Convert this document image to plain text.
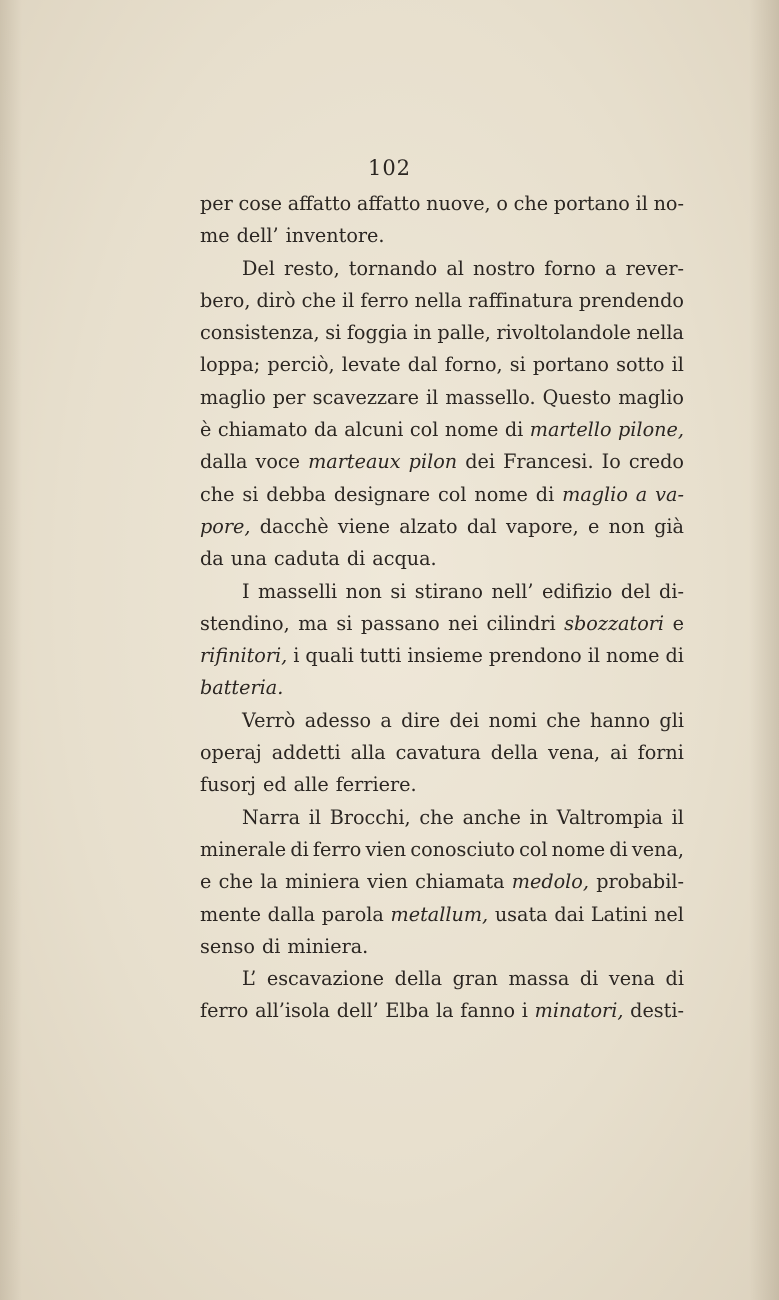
102
per cose affatto affatto nuove, o che portano il no-
me dell’ inventore.
Del resto, tornando al nostro forno a rever-
bero, dirò che il ferro nella raffinatura prendendo
consistenza, si foggia in palle, rivoltolandole nella
loppa; perciò, levate dal forno, si portano sotto il
maglio per scavezzare il massello. Questo maglio
è chiamato da alcuni col nome di martello pilone,
dalla voce marteaux pilon dei Francesi. Io credo
che si debba designare col nome di maglio a va-
pore, dacchè viene alzato dal vapore, e non già
da una caduta di acqua.
I masselli non si stirano nell’ edifizio del di-
stendino, ma si passano nei cilindri sbozzatori e
rifinitori, i quali tutti insieme prendono il nome di
batteria.
Verrò adesso a dire dei nomi che hanno gli
operaj addetti alla cavatura della vena, ai forni
fusorj ed alle ferriere.
Narra il Brocchi, che anche in Valtrompia il
minerale di ferro vien conosciuto col nome di vena,
e che la miniera vien chiamata medolo, probabil-
mente dalla parola metallum, usata dai Latini nel
senso di miniera.
L’ escavazione della gran massa di vena di
ferro all’isola dell’ Elba la fanno i minatori, desti-
